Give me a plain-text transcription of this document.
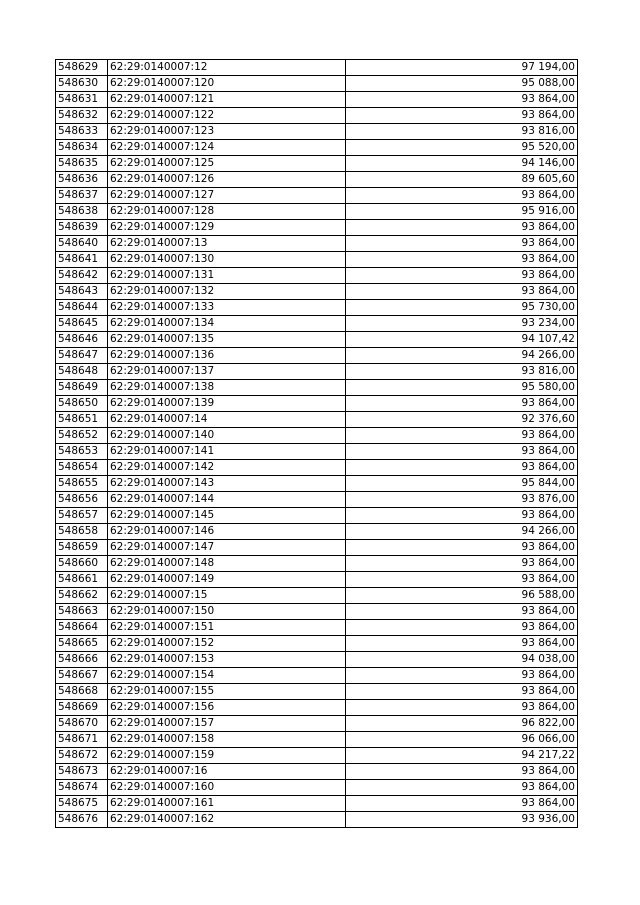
548629	62:29:0140007:12	97 194,00
548630	62:29:0140007:120	95 088,00
548631	62:29:0140007:121	93 864,00
548632	62:29:0140007:122	93 864,00
548633	62:29:0140007:123	93 816,00
548634	62:29:0140007:124	95 520,00
548635	62:29:0140007:125	94 146,00
548636	62:29:0140007:126	89 605,60
548637	62:29:0140007:127	93 864,00
548638	62:29:0140007:128	95 916,00
548639	62:29:0140007:129	93 864,00
548640	62:29:0140007:13	93 864,00
548641	62:29:0140007:130	93 864,00
548642	62:29:0140007:131	93 864,00
548643	62:29:0140007:132	93 864,00
548644	62:29:0140007:133	95 730,00
548645	62:29:0140007:134	93 234,00
548646	62:29:0140007:135	94 107,42
548647	62:29:0140007:136	94 266,00
548648	62:29:0140007:137	93 816,00
548649	62:29:0140007:138	95 580,00
548650	62:29:0140007:139	93 864,00
548651	62:29:0140007:14	92 376,60
548652	62:29:0140007:140	93 864,00
548653	62:29:0140007:141	93 864,00
548654	62:29:0140007:142	93 864,00
548655	62:29:0140007:143	95 844,00
548656	62:29:0140007:144	93 876,00
548657	62:29:0140007:145	93 864,00
548658	62:29:0140007:146	94 266,00
548659	62:29:0140007:147	93 864,00
548660	62:29:0140007:148	93 864,00
548661	62:29:0140007:149	93 864,00
548662	62:29:0140007:15	96 588,00
548663	62:29:0140007:150	93 864,00
548664	62:29:0140007:151	93 864,00
548665	62:29:0140007:152	93 864,00
548666	62:29:0140007:153	94 038,00
548667	62:29:0140007:154	93 864,00
548668	62:29:0140007:155	93 864,00
548669	62:29:0140007:156	93 864,00
548670	62:29:0140007:157	96 822,00
548671	62:29:0140007:158	96 066,00
548672	62:29:0140007:159	94 217,22
548673	62:29:0140007:16	93 864,00
548674	62:29:0140007:160	93 864,00
548675	62:29:0140007:161	93 864,00
548676	62:29:0140007:162	93 936,00
